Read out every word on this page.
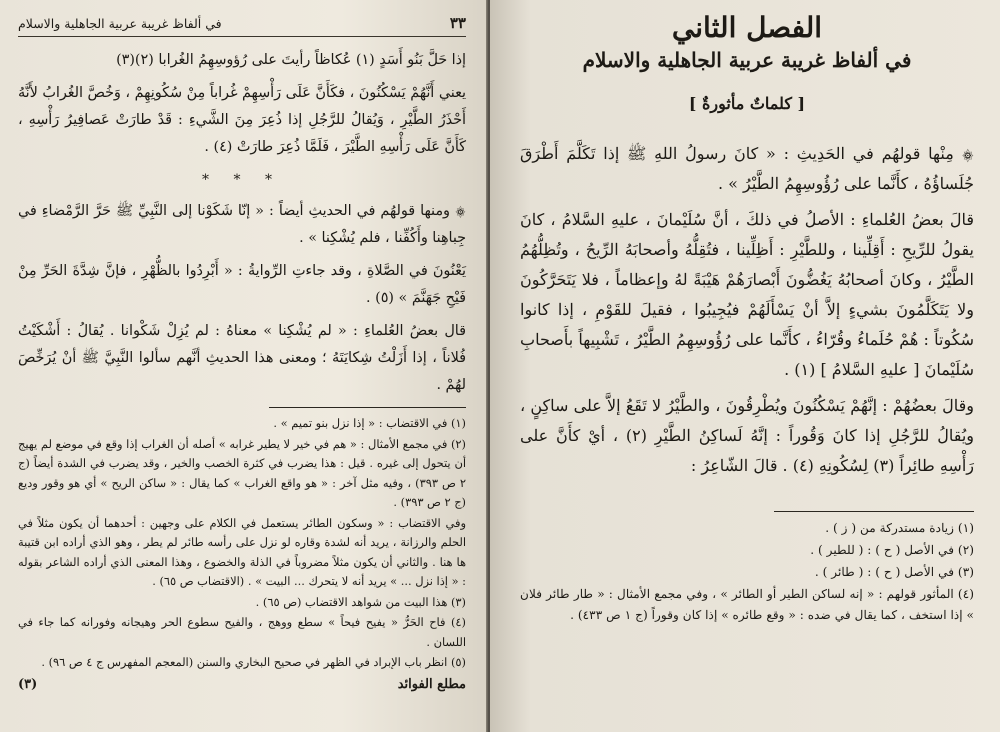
٣٣
في ألفاظ غريبة عربية الجاهلية والاسلام

إذا حَلَّ بَنُو أَسَدٍ (١) عُكاظاً رأيتَ على رُؤوسِهِمُ الغُرابا (٢)(٣)

يعني أَنَّهُمْ يَسْكُنُونَ ، فكَأَنَّ عَلَى رَأْسِهِمْ غُراباً مِنْ سُكُونِهِمْ ، وَخُصَّ الغُرابُ لأَنَّهُ أَحْذَرُ الطَّيْرِ ، وَيُقالُ للرَّجُلِ إذا ذُعِرَ مِنَ الشَّيءِ : قَدْ طارَتْ عَصافِيرُ رَأْسِهِ ، كَأَنَّ عَلَى رَأْسِهِ الطَّيْرَ ، فَلَمَّا ذُعِرَ طارَتْ (٤) .

* * *

۞ ومنها قولهُم في الحديثِ أيضاً : « إنّا شَكَوْنا إلى النَّبِيِّ ﷺ حَرَّ الرَّمْضاءِ في جِباهِنا وأَكُفِّنا ، فلم يُشْكِنا » .

يَعْنُونَ في الصَّلاةِ ، وقد جاءتِ الرِّوايةُ : « أَبْرِدُوا بالظُّهْرِ ، فإنَّ شِدَّةَ الحَرِّ مِنْ فَيْحِ جَهَنَّمَ » (٥) .

قال بعضُ العُلماءِ : « لم يُشْكِنا » معناهُ : لم يُزِلْ شَكْوانا . يُقالُ : أَشْكَيْتُ فُلاناً ، إذا أَزَلْتُ شِكايَتَهُ ؛ ومعنى هذا الحديثِ أنَّهم سألوا النَّبِيَّ ﷺ أنْ يُرَخِّصَ لهُمْ .

(١) في الاقتضاب : « إذا نزل بنو تميم » .

(٢) في مجمع الأمثال : « هم في خير لا يطير غرابه » أصله أن الغراب إذا وقع في موضع لم يهيج أن يتحول إلى غيره . قيل : هذا يضرب في كثرة الخصب والخير ، وقد يضرب في الشدة أيضاً (ج ٢ ص ٣٩٣) ، وفيه مثل آخر : « هو واقع الغراب » كما يقال : « ساكن الريح » أي هو وقور وديع (ج ٢ ص ٣٩٣) .

وفي الاقتضاب : « وسكون الطائر يستعمل في الكلام على وجهين : أحدهما أن يكون مثلاً في الحلم والرزانة ، يريد أنه لشدة وقاره لو نزل على رأسه طائر لم يطر ، وهو الذي أراده ابن قتيبة ها هنا . والثاني أن يكون مثلاً مضروباً في الذلة والخضوع ، وهذا المعنى الذي أراده الشاعر بقوله : « إذا نزل ... » يريد أنه لا يتحرك ... البيت » . (الاقتضاب ص ٦٥) .

(٣) هذا البيت من شواهد الاقتضاب (ص ٦٥) .

(٤) فاح الحَرُّ « يفيح فيحاً » سطع ووهج ، والفيح سطوع الحر وهيجانه وفورانه كما جاء في اللسان .

(٥) انظر باب الإبراد في الظهر في صحيح البخاري والسنن (المعجم المفهرس ج ٤ ص ٩٦) .

مطلع الفوائد
(٣)
الفصل الثاني
في ألفاظ غريبة عربية الجاهلية والاسلام
[ كلماتٌ مأثورةٌ ]

۞ مِنْها قولهُم في الحَدِيثِ : « كانَ رسولُ اللهِ ﷺ إذا تَكَلَّمَ أَطْرَقَ جُلَساؤُهُ ، كأَنَّما على رُؤُوسِهِمُ الطَّيْرُ » .

قالَ بعضُ العُلماءِ : الأصلُ في ذلكَ ، أنَّ سُلَيْمانَ ، عليهِ السَّلامُ ، كانَ يقولُ للرِّيحِ : أَقِلِّينا ، وللطَّيْرِ : أَظِلِّينا ، فتُقِلُّهُ وأصحابَهُ الرِّيحُ ، وتُظِلُّهُمُ الطَّيْرُ ، وكانَ أصحابُهُ يَغُضُّونَ أَبْصارَهُمْ هَيْبَةً لهُ وإعظاماً ، فلا يَتَحَرَّكُونَ ولا يَتَكَلَّمُونَ بشيءٍ إلاَّ أنْ يَسْأَلَهُمْ فيُجِيبُوا ، فقيلَ للقَوْمِ ، إذا كانوا سُكُوتاً : هُمْ حُلَماءُ وقُرّاءُ ، كأَنَّما على رُؤُوسِهِمُ الطَّيْرُ ، تَشْبِيهاً بأَصحابِ سُلَيْمانَ [ عليهِ السَّلامُ ] (١) .

وقالَ بعضُهُمْ : إنَّهُمْ يَسْكُنُونَ ويُطْرِقُونَ ، والطَّيْرُ لا تَقَعُ إلاَّ على ساكِنٍ ، ويُقالُ للرَّجُلِ إذا كانَ وَقُوراً : إنَّهُ لَساكِنُ الطَّيْرِ (٢) ، أيْ كأَنَّ على رَأْسِهِ طائِراً (٣) لِسُكُونِهِ (٤) . قالَ الشّاعِرُ :

(١) زيادة مستدركة من ( ز ) .

(٢) في الأصل ( ح ) : ( للطير ) .

(٣) في الأصل ( ح ) : ( طائر ) .

(٤) المأثور قولهم : « إنه لساكن الطير أو الطائر » ، وفي مجمع الأمثال : « طار طائر فلان » إذا استخف ، كما يقال في ضده : « وقع طائره » إذا كان وقوراً (ج ١ ص ٤٣٣) .
